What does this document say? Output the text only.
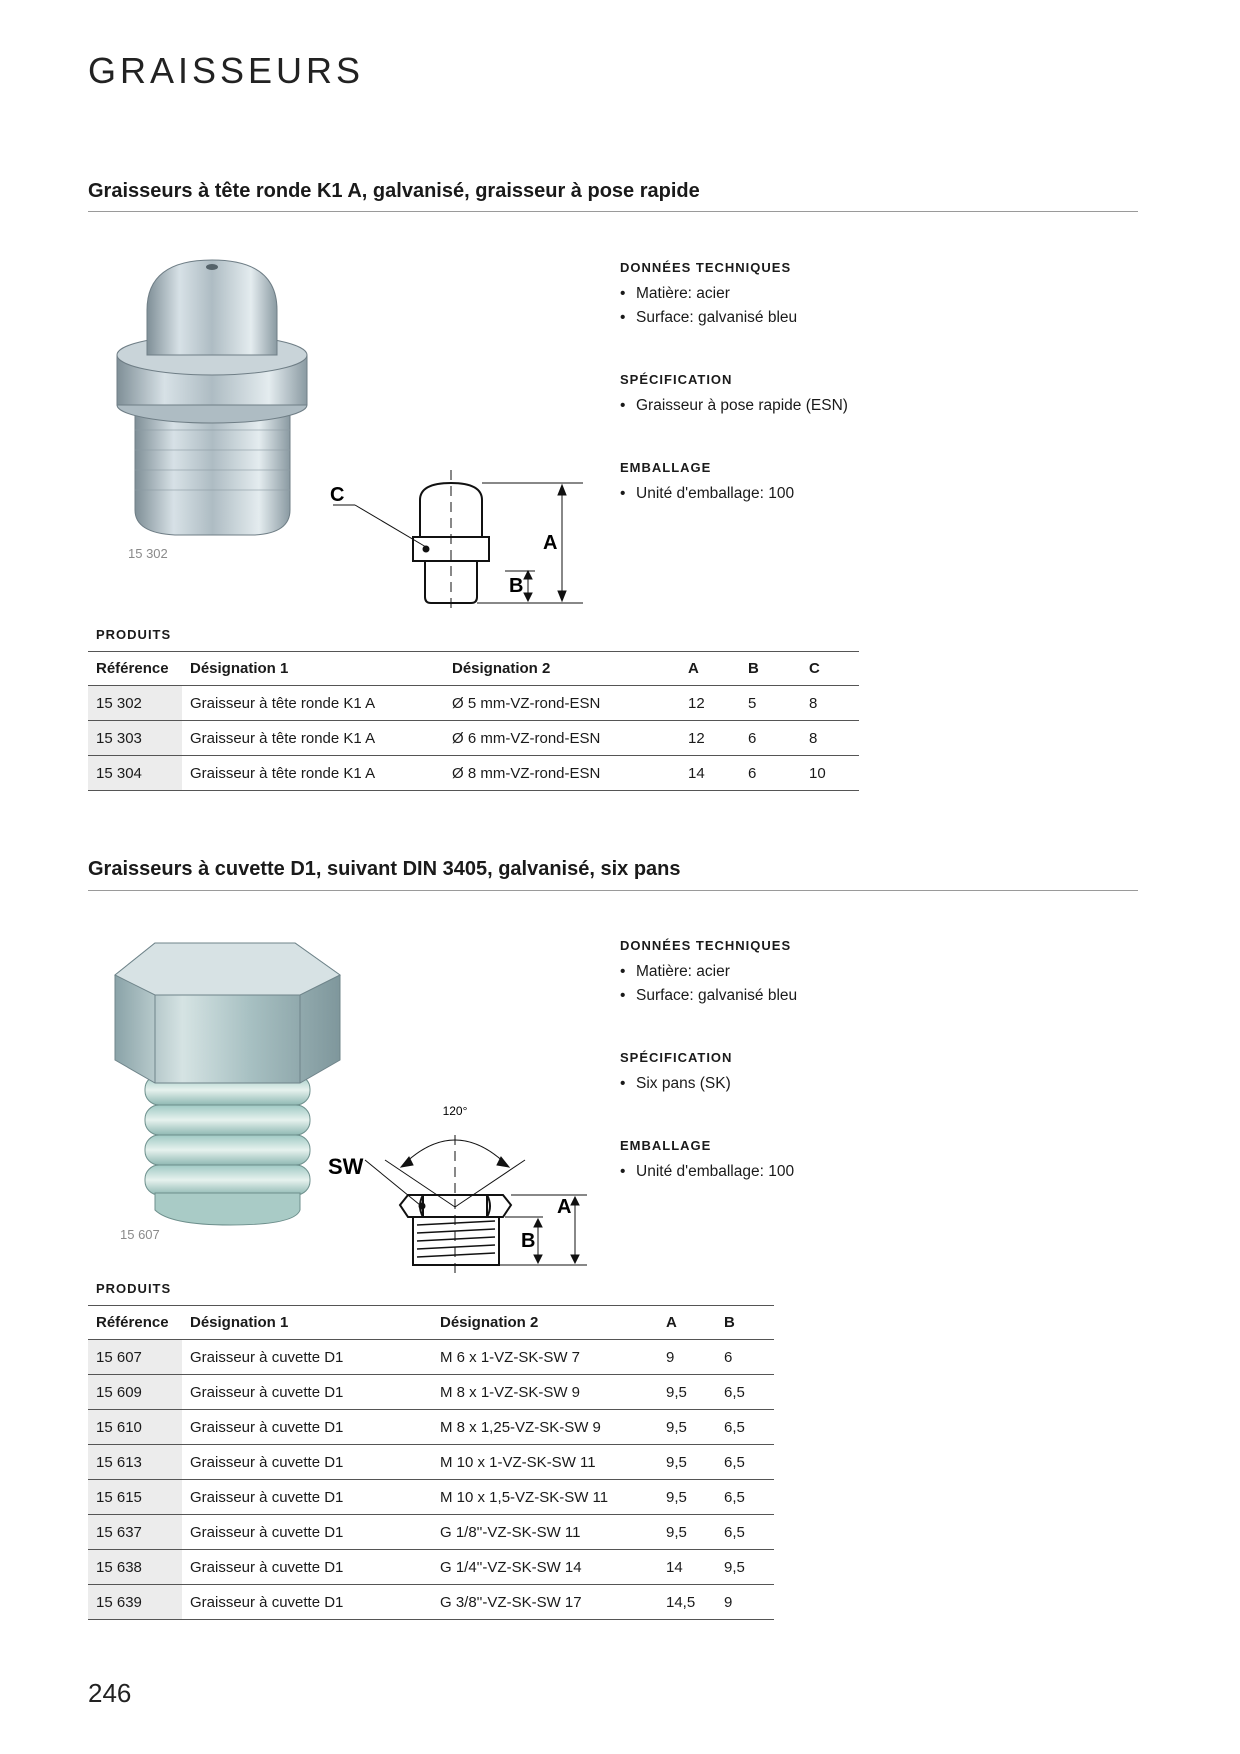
GRAISSEURS
Graisseurs à tête ronde K1 A, galvanisé, graisseur à pose rapide
15 302
C
A
B
DONNÉES TECHNIQUES
• Matière: acier
• Surface: galvanisé bleu
SPÉCIFICATION
• Graisseur à pose rapide (ESN)
EMBALLAGE
• Unité d'emballage: 100
PRODUITS
Référence	Désignation 1	Désignation 2	A	B	C
15 302	Graisseur à tête ronde K1 A	Ø 5 mm-VZ-rond-ESN	12	5	8
15 303	Graisseur à tête ronde K1 A	Ø 6 mm-VZ-rond-ESN	12	6	8
15 304	Graisseur à tête ronde K1 A	Ø 8 mm-VZ-rond-ESN	14	6	10
Graisseurs à cuvette D1, suivant DIN 3405, galvanisé, six pans
15 607
120°
SW
A
B
DONNÉES TECHNIQUES
• Matière: acier
• Surface: galvanisé bleu
SPÉCIFICATION
• Six pans (SK)
EMBALLAGE
• Unité d'emballage: 100
PRODUITS
Référence	Désignation 1	Désignation 2	A	B
15 607	Graisseur à cuvette D1	M 6 x 1-VZ-SK-SW 7	9	6
15 609	Graisseur à cuvette D1	M 8 x 1-VZ-SK-SW 9	9,5	6,5
15 610	Graisseur à cuvette D1	M 8 x 1,25-VZ-SK-SW 9	9,5	6,5
15 613	Graisseur à cuvette D1	M 10 x 1-VZ-SK-SW 11	9,5	6,5
15 615	Graisseur à cuvette D1	M 10 x 1,5-VZ-SK-SW 11	9,5	6,5
15 637	Graisseur à cuvette D1	G 1/8''-VZ-SK-SW 11	9,5	6,5
15 638	Graisseur à cuvette D1	G 1/4''-VZ-SK-SW 14	14	9,5
15 639	Graisseur à cuvette D1	G 3/8''-VZ-SK-SW 17	14,5	9
246
